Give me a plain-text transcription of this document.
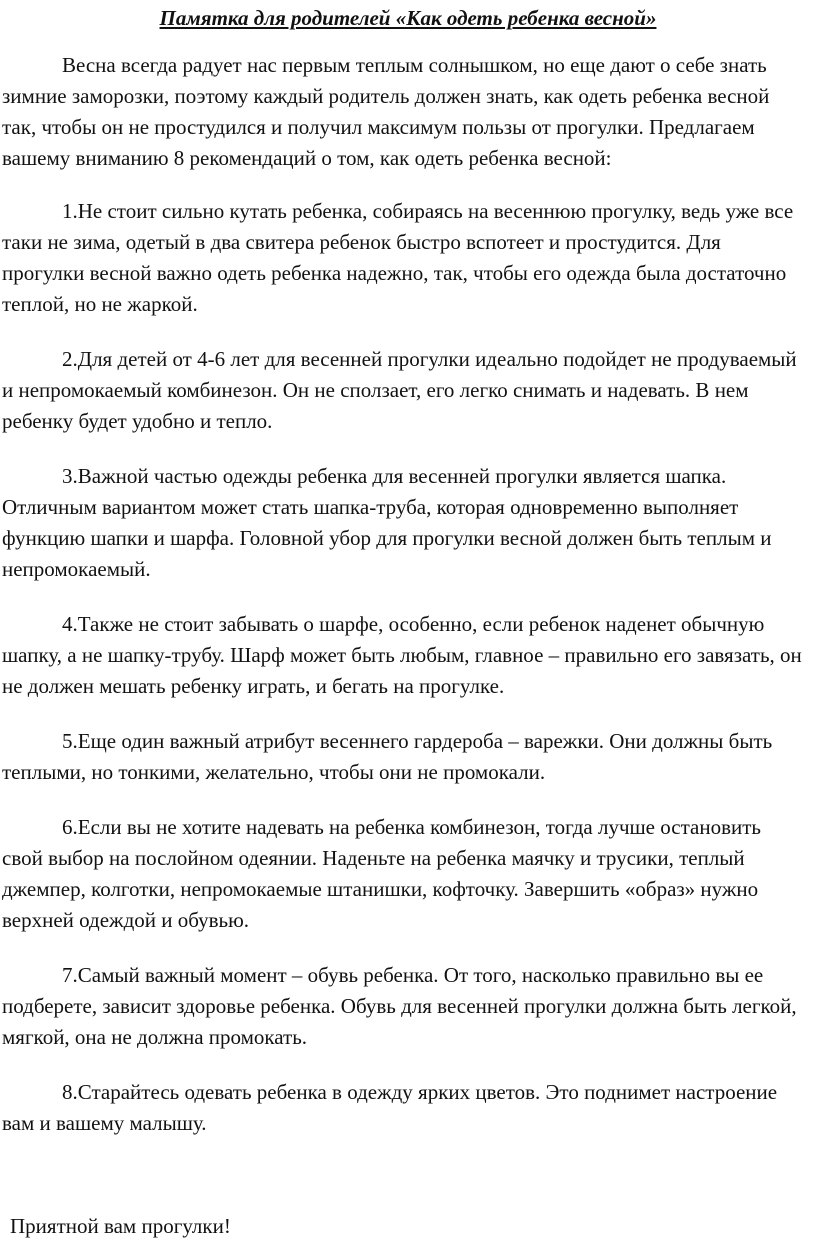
Памятка для родителей «Как одеть ребенка весной»

Весна всегда радует нас первым теплым солнышком, но еще дают о себе знать зимние заморозки, поэтому каждый родитель должен знать, как одеть ребенка весной так, чтобы он не простудился и получил максимум пользы от прогулки. Предлагаем вашему вниманию 8 рекомендаций о том, как одеть ребенка весной:

1.Не стоит сильно кутать ребенка, собираясь на весеннюю прогулку, ведь уже все таки не зима, одетый в два свитера ребенок быстро вспотеет и простудится. Для прогулки весной важно одеть ребенка надежно, так, чтобы его одежда была достаточно теплой, но не жаркой.

2.Для детей от 4-6 лет для весенней прогулки идеально подойдет не продуваемый и непромокаемый комбинезон. Он не сползает, его легко снимать и надевать. В нем ребенку будет удобно и тепло.

3.Важной частью одежды ребенка для весенней прогулки является шапка. Отличным вариантом может стать шапка-труба, которая одновременно выполняет функцию шапки и шарфа. Головной убор для прогулки весной должен быть теплым и непромокаемый.

4.Также не стоит забывать о шарфе, особенно, если ребенок наденет обычную шапку, а не шапку-трубу. Шарф может быть любым, главное – правильно его завязать, он не должен мешать ребенку играть, и бегать на прогулке.

5.Еще один важный атрибут весеннего гардероба – варежки. Они должны быть теплыми, но тонкими, желательно, чтобы они не промокали.

6.Если вы не хотите надевать на ребенка комбинезон, тогда лучше остановить свой выбор на послойном одеянии. Наденьте на ребенка маячку и трусики, теплый джемпер, колготки, непромокаемые штанишки, кофточку. Завершить «образ» нужно верхней одеждой и обувью.

7.Самый важный момент – обувь ребенка. От того, насколько правильно вы ее подберете, зависит здоровье ребенка. Обувь для весенней прогулки должна быть легкой, мягкой, она не должна промокать.

8.Старайтесь одевать ребенка в одежду ярких цветов. Это поднимет настроение вам и вашему малышу.

Приятной вам прогулки!
